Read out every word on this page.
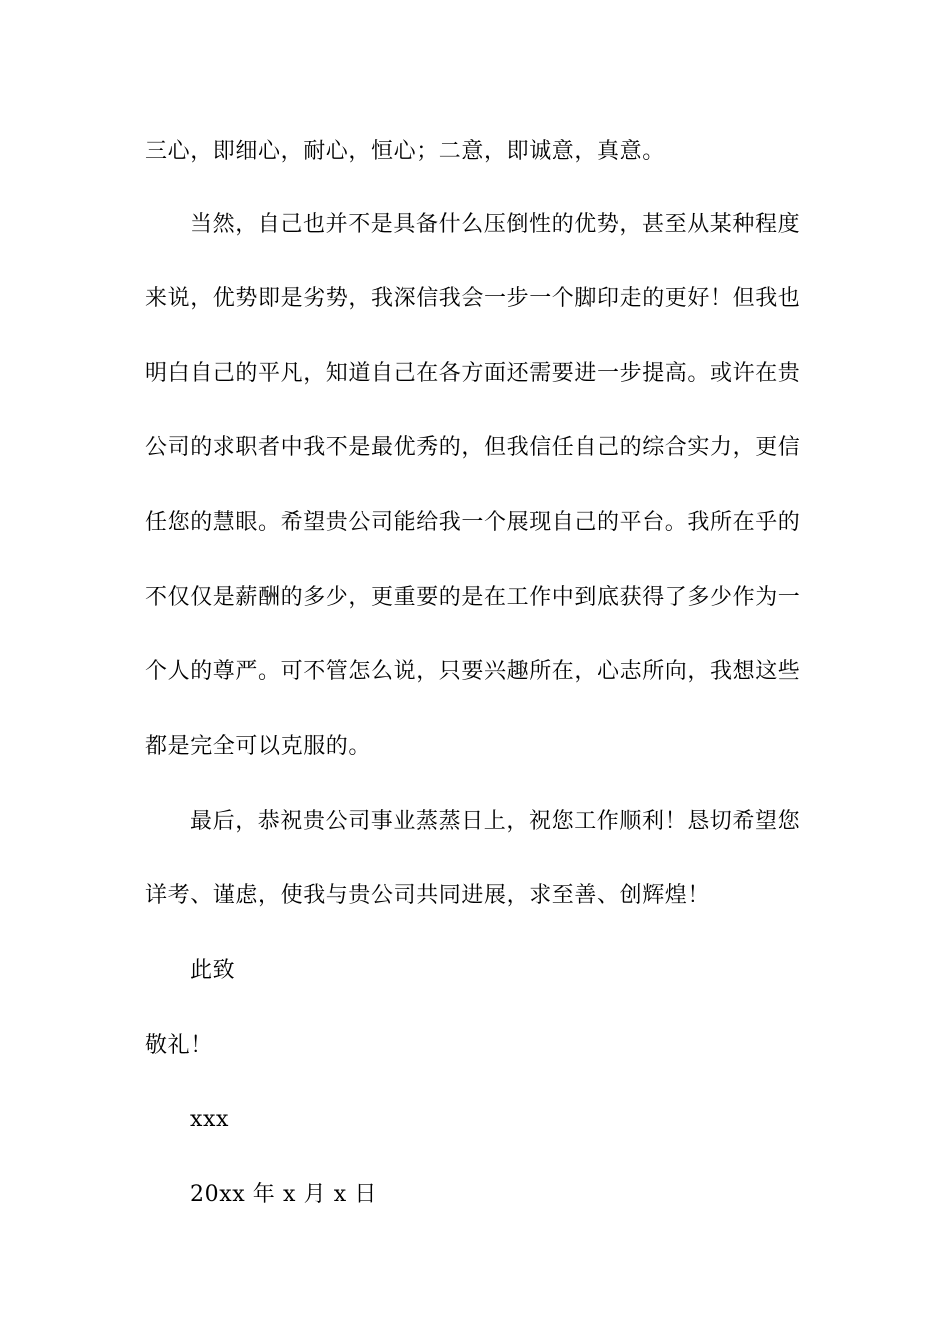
三心，即细心，耐心，恒心；二意，即诚意，真意。
当然，自己也并不是具备什么压倒性的优势，甚至从某种程度
来说，优势即是劣势，我深信我会一步一个脚印走的更好！但我也
明白自己的平凡，知道自己在各方面还需要进一步提高。或许在贵
公司的求职者中我不是最优秀的，但我信任自己的综合实力，更信
任您的慧眼。希望贵公司能给我一个展现自己的平台。我所在乎的
不仅仅是薪酬的多少，更重要的是在工作中到底获得了多少作为一
个人的尊严。可不管怎么说，只要兴趣所在，心志所向，我想这些
都是完全可以克服的。
最后，恭祝贵公司事业蒸蒸日上，祝您工作顺利！恳切希望您
详考、谨虑，使我与贵公司共同进展，求至善、创辉煌！
此致
敬礼！
xxx
20xx 年 x 月 x 日
